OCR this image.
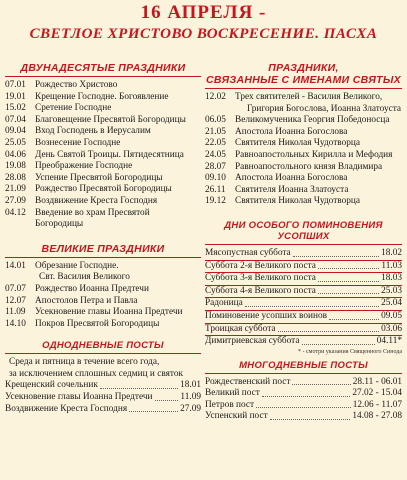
16 АПРЕЛЯ -
СВЕТЛОЕ ХРИСТОВО ВОСКРЕСЕНИЕ. ПАСХА
ДВУНАДЕСЯТЫЕ ПРАЗДНИКИ
07.01 Рождество Христово
19.01 Крещение Господне. Богоявление
15.02 Сретение Господне
07.04 Благовещение Пресвятой Богородицы
09.04 Вход Господень в Иерусалим
25.05 Вознесение Господне
04.06 День Святой Троицы. Пятидесятница
19.08 Преображение Господне
28.08 Успение Пресвятой Богородицы
21.09 Рождество Пресвятой Богородицы
27.09 Воздвижение Креста Господня
04.12 Введение во храм Пресвятой
Богородицы
ВЕЛИКИЕ ПРАЗДНИКИ
14.01 Обрезание Господне.
Свт. Василия Великого
07.07 Рождество Иоанна Предтечи
12.07 Апостолов Петра и Павла
11.09	Усекновение главы Иоанна Предтечи
14.10 Покров Пресвятой Богородицы
ОДНОДНЕВНЫЕ ПОСТЫ
Среда и пятница в течение всего года,
за исключением сплошных седмиц и святок
Крещенский сочельник	18.01
Усекновение главы Иоанна Предтечи	11.09
Воздвижение Креста Господня	27.09
ПРАЗДНИКИ,
СВЯЗАННЫЕ С ИМЕНАМИ СВЯТЫХ
12.02 Трех святителей - Василия Великого,
Григория Богослова, Иоанна Златоуста
06.05 Великомученика Георгия Победоносца
21.05 Апостола Иоанна Богослова
22.05 Святителя Николая Чудотворца
24.05 Равноапостольных Кирилла и Мефодия
28.07 Равноапостольного князя Владимира
09.10 Апостола Иоанна Богослова
26.11	Святителя Иоанна Златоуста
19.12 Святителя Николая Чудотворца
ДНИ ОСОБОГО ПОМИНОВЕНИЯ УСОПШИХ
Мясопустная суббота	18.02
Суббота 2-я Великого поста	11.03
Суббота 3-я Великого поста	18.03
Суббота 4-я Великого поста	25.03
Радоница	25.04
Поминовение усопших воинов	09.05
Троицкая суббота	03.06
Димитриевская суббота	04.11*
* - смотри указания Священного Синода
МНОГОДНЕВНЫЕ ПОСТЫ
Рождественский пост	28.11 - 06.01
Великий пост	27.02 - 15.04
Петров пост	12.06 - 11.07
Успенский пост	14.08 - 27.08
